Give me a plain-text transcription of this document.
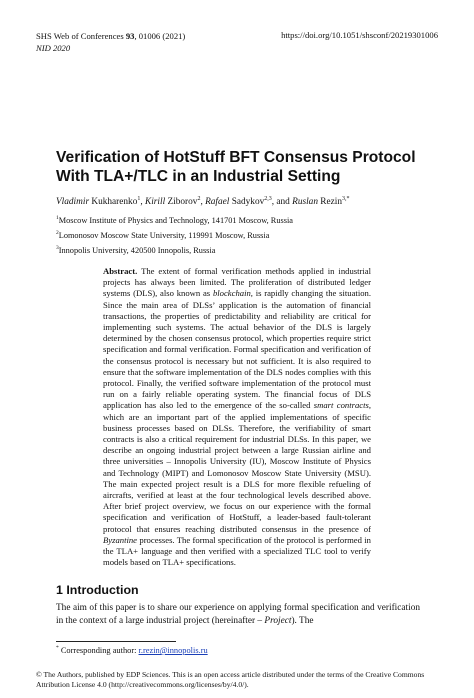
SHS Web of Conferences 93, 01006 (2021)
NID 2020
https://doi.org/10.1051/shsconf/20219301006
Verification of HotStuff BFT Consensus Protocol With TLA+/TLC in an Industrial Setting
Vladimir Kukharenko$^1$, Kirill Ziborov$^2$, Rafael Sadykov$^{2,3}$, and Ruslan Rezin$^{3,*}$
$^1$Moscow Institute of Physics and Technology, 141701 Moscow, Russia
$^2$Lomonosov Moscow State University, 119991 Moscow, Russia
$^3$Innopolis University, 420500 Innopolis, Russia
Abstract. The extent of formal verification methods applied in industrial projects has always been limited. The proliferation of distributed ledger systems (DLS), also known as blockchain, is rapidly changing the situation. Since the main area of DLSs’ application is the automation of financial transactions, the properties of predictability and reliability are critical for implementing such systems. The actual behavior of the DLS is largely determined by the chosen consensus protocol, which properties require strict specification and formal verification. Formal specification and verification of the consensus protocol is necessary but not sufficient. It is also required to ensure that the software implementation of the DLS nodes complies with this protocol. Finally, the verified software implementation of the protocol must run on a fairly reliable operating system. The financial focus of DLS application has also led to the emergence of the so-called smart contracts, which are an important part of the applied implementations of specific business processes based on DLSs. Therefore, the verifiability of smart contracts is also a critical requirement for industrial DLSs. In this paper, we describe an ongoing industrial project between a large Russian airline and three universities – Innopolis University (IU), Moscow Institute of Physics and Technology (MIPT) and Lomonosov Moscow State University (MSU). The main expected project result is a DLS for more flexible refueling of aircrafts, verified at least at the four technological levels described above. After brief project overview, we focus on our experience with the formal specification and verification of HotStuff, a leader-based fault-tolerant protocol that ensures reaching distributed consensus in the presence of Byzantine processes. The formal specification of the protocol is performed in the TLA+ language and then verified with a specialized TLC tool to verify models based on TLA+ specifications.
1 Introduction
The aim of this paper is to share our experience on applying formal specification and verification in the context of a large industrial project (hereinafter – Project). The
* Corresponding author: r.rezin@innopolis.ru
© The Authors, published by EDP Sciences. This is an open access article distributed under the terms of the Creative Commons Attribution License 4.0 (http://creativecommons.org/licenses/by/4.0/).
